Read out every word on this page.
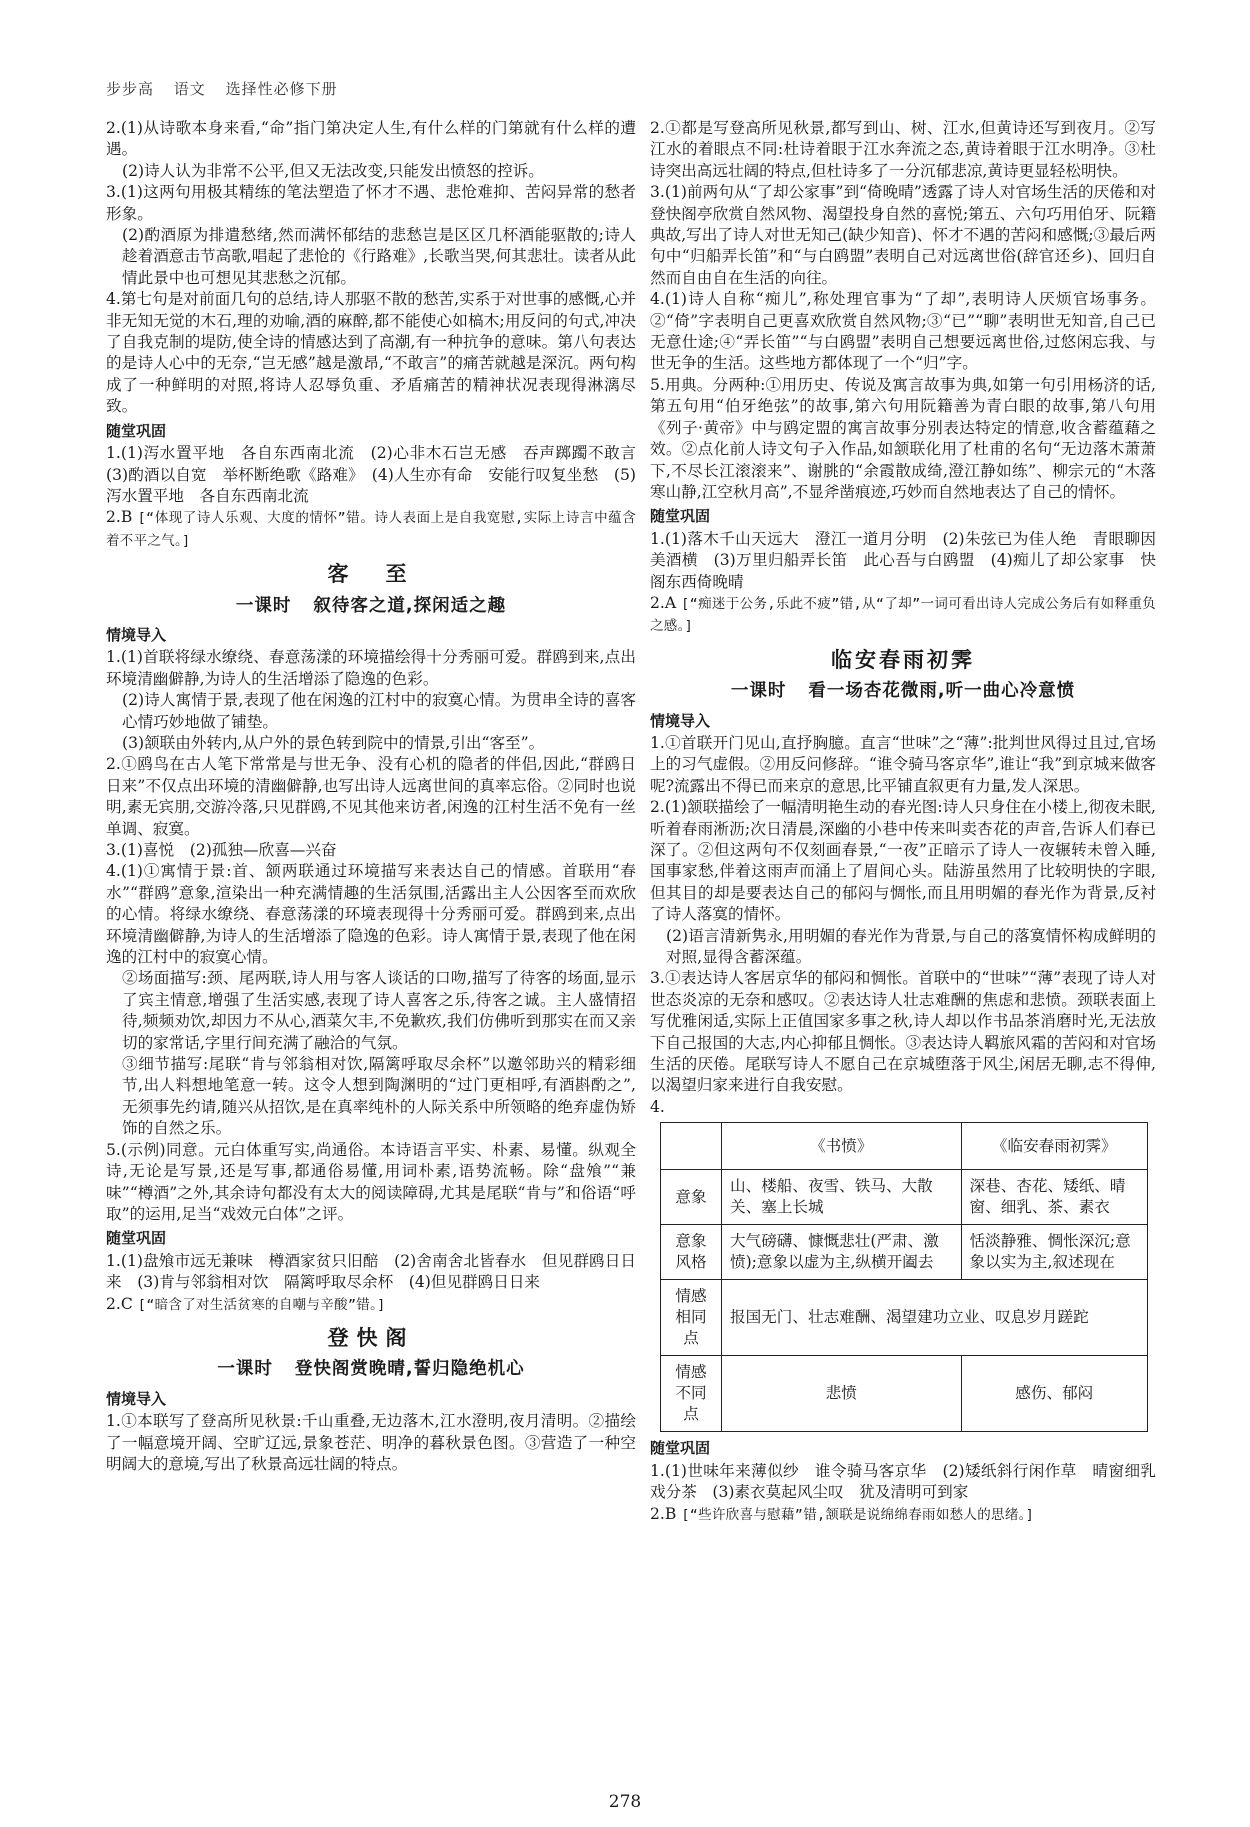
步步高 语文 选择性必修下册

2.(1)从诗歌本身来看,“命”指门第决定人生,有什么样的门第就有什么样的遭遇。

(2)诗人认为非常不公平,但又无法改变,只能发出愤怒的控诉。

3.(1)这两句用极其精练的笔法塑造了怀才不遇、悲怆难抑、苦闷异常的愁者形象。

(2)酌酒原为排遣愁绪,然而满怀郁结的悲愁岂是区区几杯酒能驱散的;诗人趁着酒意击节高歌,唱起了悲怆的《行路难》,长歌当哭,何其悲壮。读者从此情此景中也可想见其悲愁之沉郁。

4.第七句是对前面几句的总结,诗人那驱不散的愁苦,实系于对世事的感慨,心并非无知无觉的木石,理的劝喻,酒的麻醉,都不能使心如槁木;用反问的句式,冲决了自我克制的堤防,使全诗的情感达到了高潮,有一种抗争的意味。第八句表达的是诗人心中的无奈,“岂无感”越是激昂,“不敢言”的痛苦就越是深沉。两句构成了一种鲜明的对照,将诗人忍辱负重、矛盾痛苦的精神状况表现得淋漓尽致。

随堂巩固

1.(1)泻水置平地　各自东西南北流　(2)心非木石岂无感　吞声踯躅不敢言　(3)酌酒以自宽　举杯断绝歌《路难》　(4)人生亦有命　安能行叹复坐愁　(5)泻水置平地　各自东西南北流

2.B [“体现了诗人乐观、大度的情怀”错。诗人表面上是自我宽慰,实际上诗言中蕴含着不平之气。]

客　至
一课时 叙待客之道,探闲适之趣
情境导入

1.(1)首联将绿水缭绕、春意荡漾的环境描绘得十分秀丽可爱。群鸥到来,点出环境清幽僻静,为诗人的生活增添了隐逸的色彩。

(2)诗人寓情于景,表现了他在闲逸的江村中的寂寞心情。为贯串全诗的喜客心情巧妙地做了铺垫。

(3)颔联由外转内,从户外的景色转到院中的情景,引出“客至”。

2.①鸥鸟在古人笔下常常是与世无争、没有心机的隐者的伴侣,因此,“群鸥日日来”不仅点出环境的清幽僻静,也写出诗人远离世间的真率忘俗。②同时也说明,素无宾朋,交游冷落,只见群鸥,不见其他来访者,闲逸的江村生活不免有一丝单调、寂寞。

3.(1)喜悦　(2)孤独—欣喜—兴奋

4.(1)①寓情于景:首、颔两联通过环境描写来表达自己的情感。首联用“春水”“群鸥”意象,渲染出一种充满情趣的生活氛围,活露出主人公因客至而欢欣的心情。将绿水缭绕、春意荡漾的环境表现得十分秀丽可爱。群鸥到来,点出环境清幽僻静,为诗人的生活增添了隐逸的色彩。诗人寓情于景,表现了他在闲逸的江村中的寂寞心情。

②场面描写:颈、尾两联,诗人用与客人谈话的口吻,描写了待客的场面,显示了宾主情意,增强了生活实感,表现了诗人喜客之乐,待客之诚。主人盛情招待,频频劝饮,却因力不从心,酒菜欠丰,不免歉疚,我们仿佛听到那实在而又亲切的家常话,字里行间充满了融洽的气氛。

③细节描写:尾联“肯与邻翁相对饮,隔篱呼取尽余杯”以邀邻助兴的精彩细节,出人料想地笔意一转。这令人想到陶渊明的“过门更相呼,有酒斟酌之”,无须事先约请,随兴从招饮,是在真率纯朴的人际关系中所领略的绝弃虚伪矫饰的自然之乐。

5.(示例)同意。元白体重写实,尚通俗。本诗语言平实、朴素、易懂。纵观全诗,无论是写景,还是写事,都通俗易懂,用词朴素,语势流畅。除“盘飧”“兼味”“樽酒”之外,其余诗句都没有太大的阅读障碍,尤其是尾联“肯与”和俗语“呼取”的运用,足当“戏效元白体”之评。

随堂巩固

1.(1)盘飧市远无兼味　樽酒家贫只旧醅　(2)舍南舍北皆春水　但见群鸥日日来　(3)肯与邻翁相对饮　隔篱呼取尽余杯　(4)但见群鸥日日来

2.C [“暗含了对生活贫寒的自嘲与辛酸”错。]

登快阁
一课时 登快阁赏晚晴,誓归隐绝机心
情境导入

1.①本联写了登高所见秋景:千山重叠,无边落木,江水澄明,夜月清明。②描绘了一幅意境开阔、空旷辽远,景象苍茫、明净的暮秋景色图。③营造了一种空明阔大的意境,写出了秋景高远壮阔的特点。

2.①都是写登高所见秋景,都写到山、树、江水,但黄诗还写到夜月。②写江水的着眼点不同:杜诗着眼于江水奔流之态,黄诗着眼于江水明净。③杜诗突出高远壮阔的特点,但杜诗多了一分沉郁悲凉,黄诗更显轻松明快。

3.(1)前两句从“了却公家事”到“倚晚晴”透露了诗人对官场生活的厌倦和对登快阁亭欣赏自然风物、渴望投身自然的喜悦;第五、六句巧用伯牙、阮籍典故,写出了诗人对世无知己(缺少知音)、怀才不遇的苦闷和感慨;③最后两句中“归船弄长笛”和“与白鸥盟”表明自己对远离世俗(辞官还乡)、回归自然而自由自在生活的向往。

4.(1)诗人自称“痴儿”,称处理官事为“了却”,表明诗人厌烦官场事务。②“倚”字表明自己更喜欢欣赏自然风物;③“已”“聊”表明世无知音,自己已无意仕途;④“弄长笛”“与白鸥盟”表明自己想要远离世俗,过悠闲忘我、与世无争的生活。这些地方都体现了一个“归”字。

5.用典。分两种:①用历史、传说及寓言故事为典,如第一句引用杨济的话,第五句用“伯牙绝弦”的故事,第六句用阮籍善为青白眼的故事,第八句用《列子·黄帝》中与鸥定盟的寓言故事分别表达特定的情意,收含蓄蕴藉之效。②点化前人诗文句子入作品,如颔联化用了杜甫的名句“无边落木萧萧下,不尽长江滚滚来”、谢朓的“余霞散成绮,澄江静如练”、柳宗元的“木落寒山静,江空秋月高”,不显斧凿痕迹,巧妙而自然地表达了自己的情怀。

随堂巩固

1.(1)落木千山天远大　澄江一道月分明　(2)朱弦已为佳人绝　青眼聊因美酒横　(3)万里归船弄长笛　此心吾与白鸥盟　(4)痴儿了却公家事　快阁东西倚晚晴

2.A [“痴迷于公务,乐此不疲”错,从“了却”一词可看出诗人完成公务后有如释重负之感。]

临安春雨初霁
一课时 看一场杏花微雨,听一曲心冷意愤
情境导入

1.①首联开门见山,直抒胸臆。直言“世味”之“薄”:批判世风得过且过,官场上的习气虚假。②用反问修辞。“谁令骑马客京华”,谁让“我”到京城来做客呢?流露出不得已而来京的意思,比平铺直叙更有力量,发人深思。

2.(1)颔联描绘了一幅清明艳生动的春光图:诗人只身住在小楼上,彻夜未眠,听着春雨淅沥;次日清晨,深幽的小巷中传来叫卖杏花的声音,告诉人们春已深了。②但这两句不仅刻画春景,“一夜”正暗示了诗人一夜辗转未曾入睡,国事家愁,伴着这雨声而涌上了眉间心头。陆游虽然用了比较明快的字眼,但其目的却是要表达自己的郁闷与惆怅,而且用明媚的春光作为背景,反衬了诗人落寞的情怀。

(2)语言清新隽永,用明媚的春光作为背景,与自己的落寞情怀构成鲜明的对照,显得含蓄深蕴。

3.①表达诗人客居京华的郁闷和惆怅。首联中的“世味”“薄”表现了诗人对世态炎凉的无奈和感叹。②表达诗人壮志难酬的焦虑和悲愤。颈联表面上写优雅闲适,实际上正值国家多事之秋,诗人却以作书品茶消磨时光,无法放下自己报国的大志,内心抑郁且惆怅。③表达诗人羁旅风霜的苦闷和对官场生活的厌倦。尾联写诗人不愿自己在京城堕落于风尘,闲居无聊,志不得伸,以渴望归家来进行自我安慰。

4.

	《书愤》	《临安春雨初霁》
意象	山、楼船、夜雪、铁马、大散关、塞上长城	深巷、杏花、矮纸、晴窗、细乳、茶、素衣
意象风格	大气磅礴、慷慨悲壮(严肃、激愤);意象以虚为主,纵横开阖去	恬淡静雅、惆怅深沉;意象以实为主,叙述现在
情感相同点	报国无门、壮志难酬、渴望建功立业、叹息岁月蹉跎	
情感不同点	悲愤	感伤、郁闷
随堂巩固

1.(1)世味年来薄似纱　谁令骑马客京华　(2)矮纸斜行闲作草　晴窗细乳戏分茶　(3)素衣莫起风尘叹　犹及清明可到家

2.B [“些许欣喜与慰藉”错,颔联是说绵绵春雨如愁人的思绪。]

278
